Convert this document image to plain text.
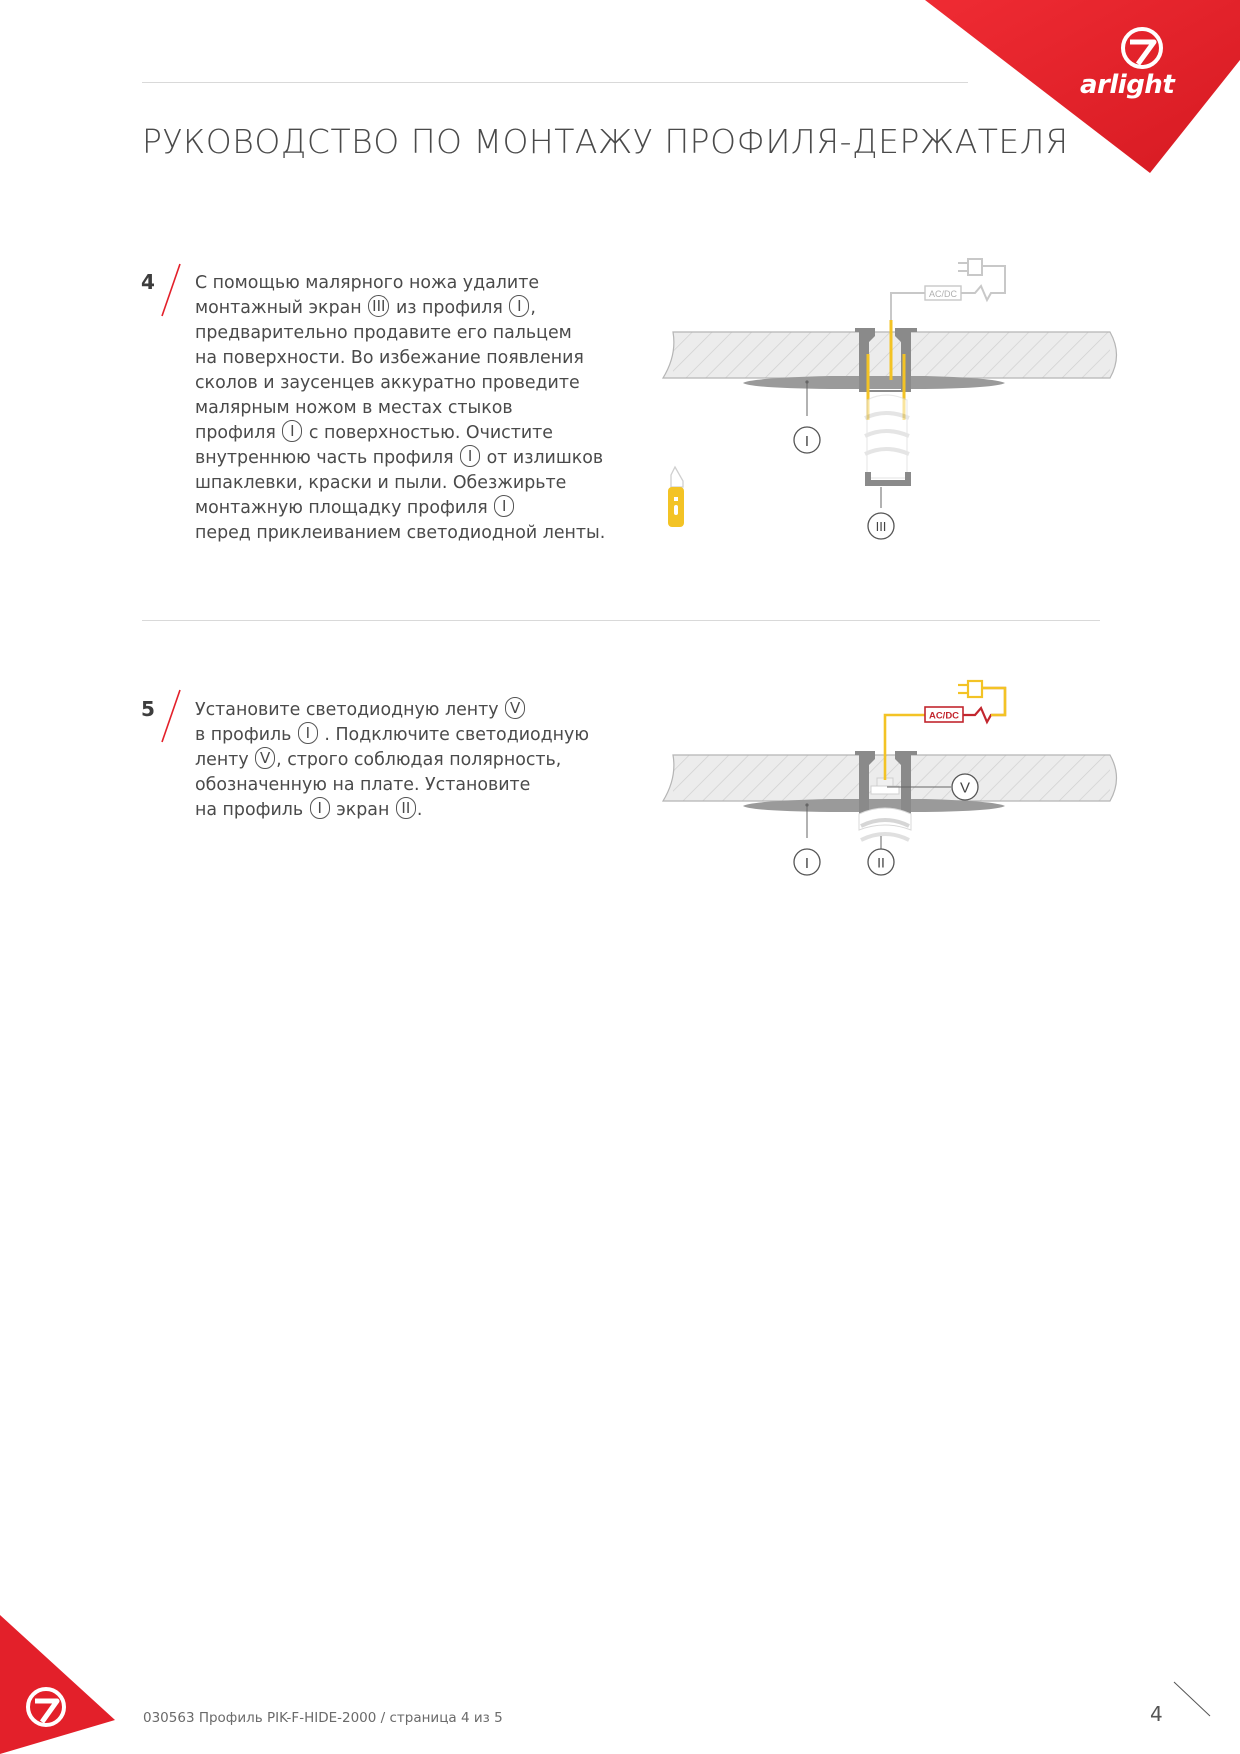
arlight
РУКОВОДСТВО ПО МОНТАЖУ ПРОФИЛЯ-ДЕРЖАТЕЛЯ
4 С помощью малярного ножа удалите
монтажный экран III из профиля I ,
предварительно продавите его пальцем
на поверхности. Во избежание появления
сколов и заусенцев аккуратно проведите
малярным ножом в местах стыков
профиля I с поверхностью. Очистите
внутреннюю часть профиля I от излишков
шпаклевки, краски и пыли. Обезжирьте
монтажную площадку профиля I
перед приклеиванием светодиодной ленты.
AC/DC
I
III
5 Установите светодиодную ленту V
в профиль I . Подключите светодиодную
ленту V , строго соблюдая полярность,
обозначенную на плате. Установите
на профиль I экран II .
AC/DC
I	II
V
030563 Профиль PIK-F-HIDE-2000 / страница 4 из 5	4
